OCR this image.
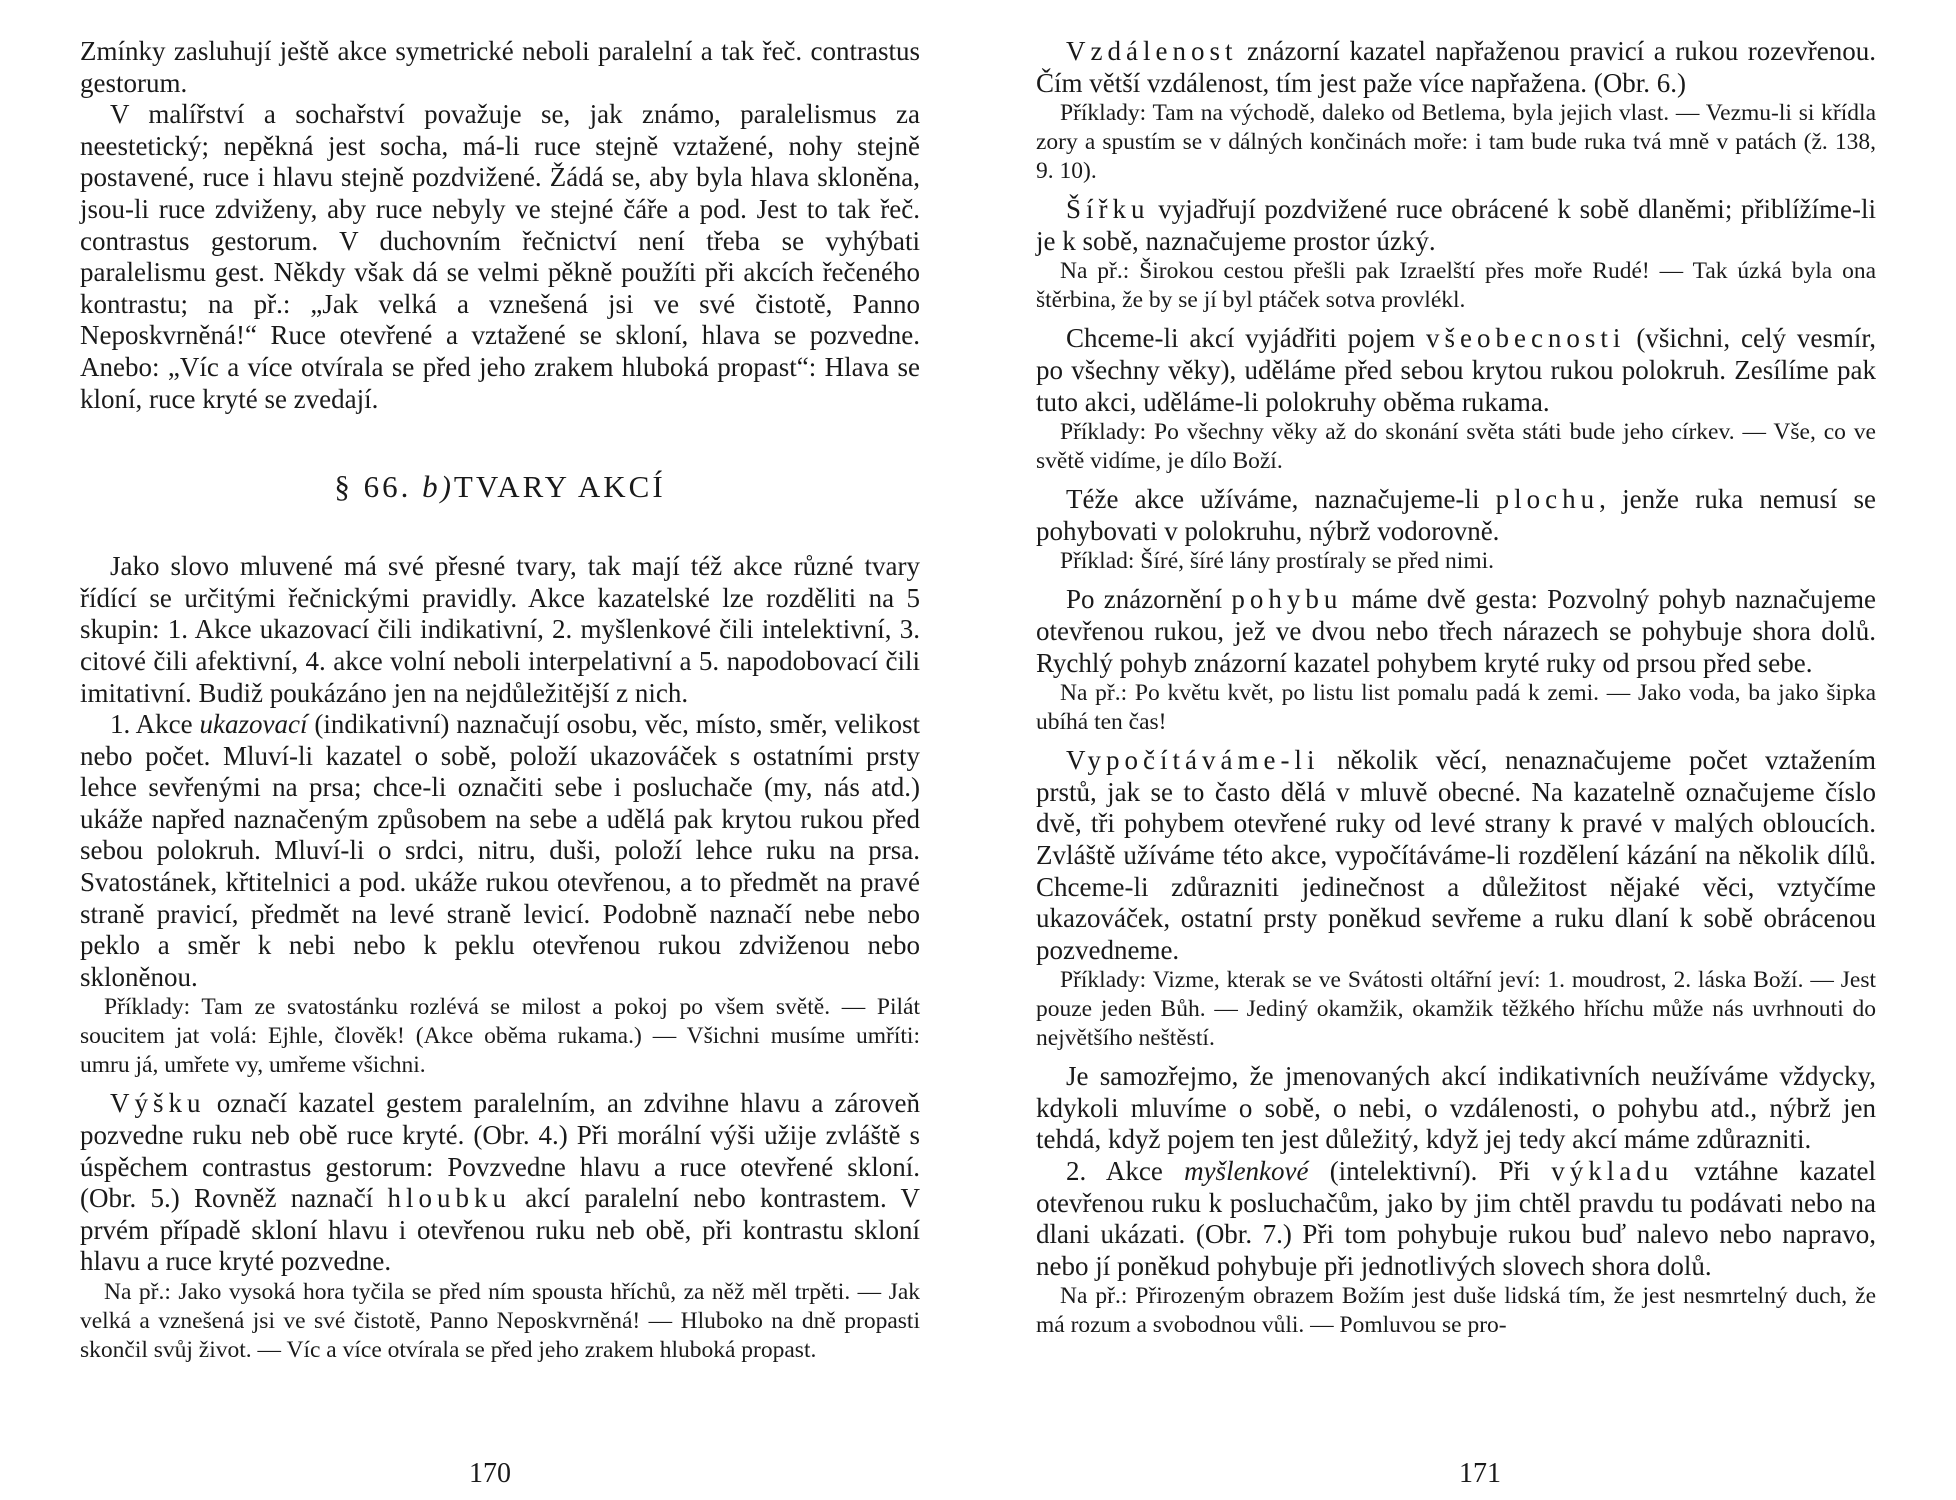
Zmínky zasluhují ještě akce symetrické neboli paralelní a tak řeč. contrastus gestorum.

V malířství a sochařství považuje se, jak známo, paralelismus za neestetický; nepěkná jest socha, má-li ruce stejně vztažené, nohy stejně postavené, ruce i hlavu stejně pozdvižené. Žádá se, aby byla hlava skloněna, jsou-li ruce zdviženy, aby ruce nebyly ve stejné čáře a pod. Jest to tak řeč. contrastus gestorum. V duchovním řečnictví není třeba se vyhýbati paralelismu gest. Někdy však dá se velmi pěkně použíti při akcích řečeného kontrastu; na př.: „Jak velká a vznešená jsi ve své čistotě, Panno Neposkvrněná!“ Ruce otevřené a vztažené se skloní, hlava se pozvedne. Anebo: „Víc a více otvírala se před jeho zrakem hluboká propast“: Hlava se kloní, ruce kryté se zvedají.

§ 66. b)TVARY AKCÍ

Jako slovo mluvené má své přesné tvary, tak mají též akce různé tvary řídící se určitými řečnickými pravidly. Akce kazatelské lze rozděliti na 5 skupin: 1. Akce ukazovací čili indikativní, 2. myšlenkové čili intelektivní, 3. citové čili afektivní, 4. akce volní neboli interpelativní a 5. napodobovací čili imitativní. Budiž poukázáno jen na nejdůležitější z nich.

1. Akce ukazovací (indikativní) naznačují osobu, věc, místo, směr, velikost nebo počet. Mluví-li kazatel o sobě, položí ukazováček s ostatními prsty lehce sevřenými na prsa; chce-li označiti sebe i posluchače (my, nás atd.) ukáže napřed naznačeným způsobem na sebe a udělá pak krytou rukou před sebou polokruh. Mluví-li o srdci, nitru, duši, položí lehce ruku na prsa. Svatostánek, křtitelnici a pod. ukáže rukou otevřenou, a to předmět na pravé straně pravicí, předmět na levé straně levicí. Podobně naznačí nebe nebo peklo a směr k nebi nebo k peklu otevřenou rukou zdviženou nebo skloněnou.

Příklady: Tam ze svatostánku rozlévá se milost a pokoj po všem světě. — Pilát soucitem jat volá: Ejhle, člověk! (Akce oběma rukama.) — Všichni musíme umříti: umru já, umřete vy, umřeme všichni.

Výšku označí kazatel gestem paralelním, an zdvihne hlavu a zároveň pozvedne ruku neb obě ruce kryté. (Obr. 4.) Při morální výši užije zvláště s úspěchem contrastus gestorum: Povzvedne hlavu a ruce otevřené skloní. (Obr. 5.) Rovněž naznačí hloubku akcí paralelní nebo kontrastem. V prvém případě skloní hlavu i otevřenou ruku neb obě, při kontrastu skloní hlavu a ruce kryté pozvedne.

Na př.: Jako vysoká hora tyčila se před ním spousta hříchů, za něž měl trpěti. — Jak velká a vznešená jsi ve své čistotě, Panno Neposkvrněná! — Hluboko na dně propasti skončil svůj život. — Víc a více otvírala se před jeho zrakem hluboká propast.

170

Vzdálenost znázorní kazatel napřaženou pravicí a rukou rozevřenou. Čím větší vzdálenost, tím jest paže více napřažena. (Obr. 6.)

Příklady: Tam na východě, daleko od Betlema, byla jejich vlast. — Vezmu-li si křídla zory a spustím se v dálných končinách moře: i tam bude ruka tvá mně v patách (ž. 138, 9. 10).

Šířku vyjadřují pozdvižené ruce obrácené k sobě dlaněmi; přiblížíme-li je k sobě, naznačujeme prostor úzký.

Na př.: Širokou cestou přešli pak Izraelští přes moře Rudé! — Tak úzká byla ona štěrbina, že by se jí byl ptáček sotva provlékl.

Chceme-li akcí vyjádřiti pojem všeobecnosti (všichni, celý vesmír, po všechny věky), uděláme před sebou krytou rukou polokruh. Zesílíme pak tuto akci, uděláme-li polokruhy oběma rukama.

Příklady: Po všechny věky až do skonání světa státi bude jeho církev. — Vše, co ve světě vidíme, je dílo Boží.

Téže akce užíváme, naznačujeme-li plochu, jenže ruka nemusí se pohybovati v polokruhu, nýbrž vodorovně.

Příklad: Šíré, šíré lány prostíraly se před nimi.

Po znázornění pohybu máme dvě gesta: Pozvolný pohyb naznačujeme otevřenou rukou, jež ve dvou nebo třech nárazech se pohybuje shora dolů. Rychlý pohyb znázorní kazatel pohybem kryté ruky od prsou před sebe.

Na př.: Po květu květ, po listu list pomalu padá k zemi. — Jako voda, ba jako šipka ubíhá ten čas!

Vypočítáváme-li několik věcí, nenaznačujeme počet vztažením prstů, jak se to často dělá v mluvě obecné. Na kazatelně označujeme číslo dvě, tři pohybem otevřené ruky od levé strany k pravé v malých obloucích. Zvláště užíváme této akce, vypočítáváme-li rozdělení kázání na několik dílů. Chceme-li zdůrazniti jedinečnost a důležitost nějaké věci, vztyčíme ukazováček, ostatní prsty poněkud sevřeme a ruku dlaní k sobě obrácenou pozvedneme.

Příklady: Vizme, kterak se ve Svátosti oltářní jeví: 1. moudrost, 2. láska Boží. — Jest pouze jeden Bůh. — Jediný okamžik, okamžik těžkého hříchu může nás uvrhnouti do největšího neštěstí.

Je samozřejmo, že jmenovaných akcí indikativních neužíváme vždycky, kdykoli mluvíme o sobě, o nebi, o vzdálenosti, o pohybu atd., nýbrž jen tehdá, když pojem ten jest důležitý, když jej tedy akcí máme zdůrazniti.

2. Akce myšlenkové (intelektivní). Při výkladu vztáhne kazatel otevřenou ruku k posluchačům, jako by jim chtěl pravdu tu podávati nebo na dlani ukázati. (Obr. 7.) Při tom pohybuje rukou buď nalevo nebo napravo, nebo jí poněkud pohybuje při jednotlivých slovech shora dolů.

Na př.: Přirozeným obrazem Božím jest duše lidská tím, že jest nesmrtelný duch, že má rozum a svobodnou vůli. — Pomluvou se pro-

171
